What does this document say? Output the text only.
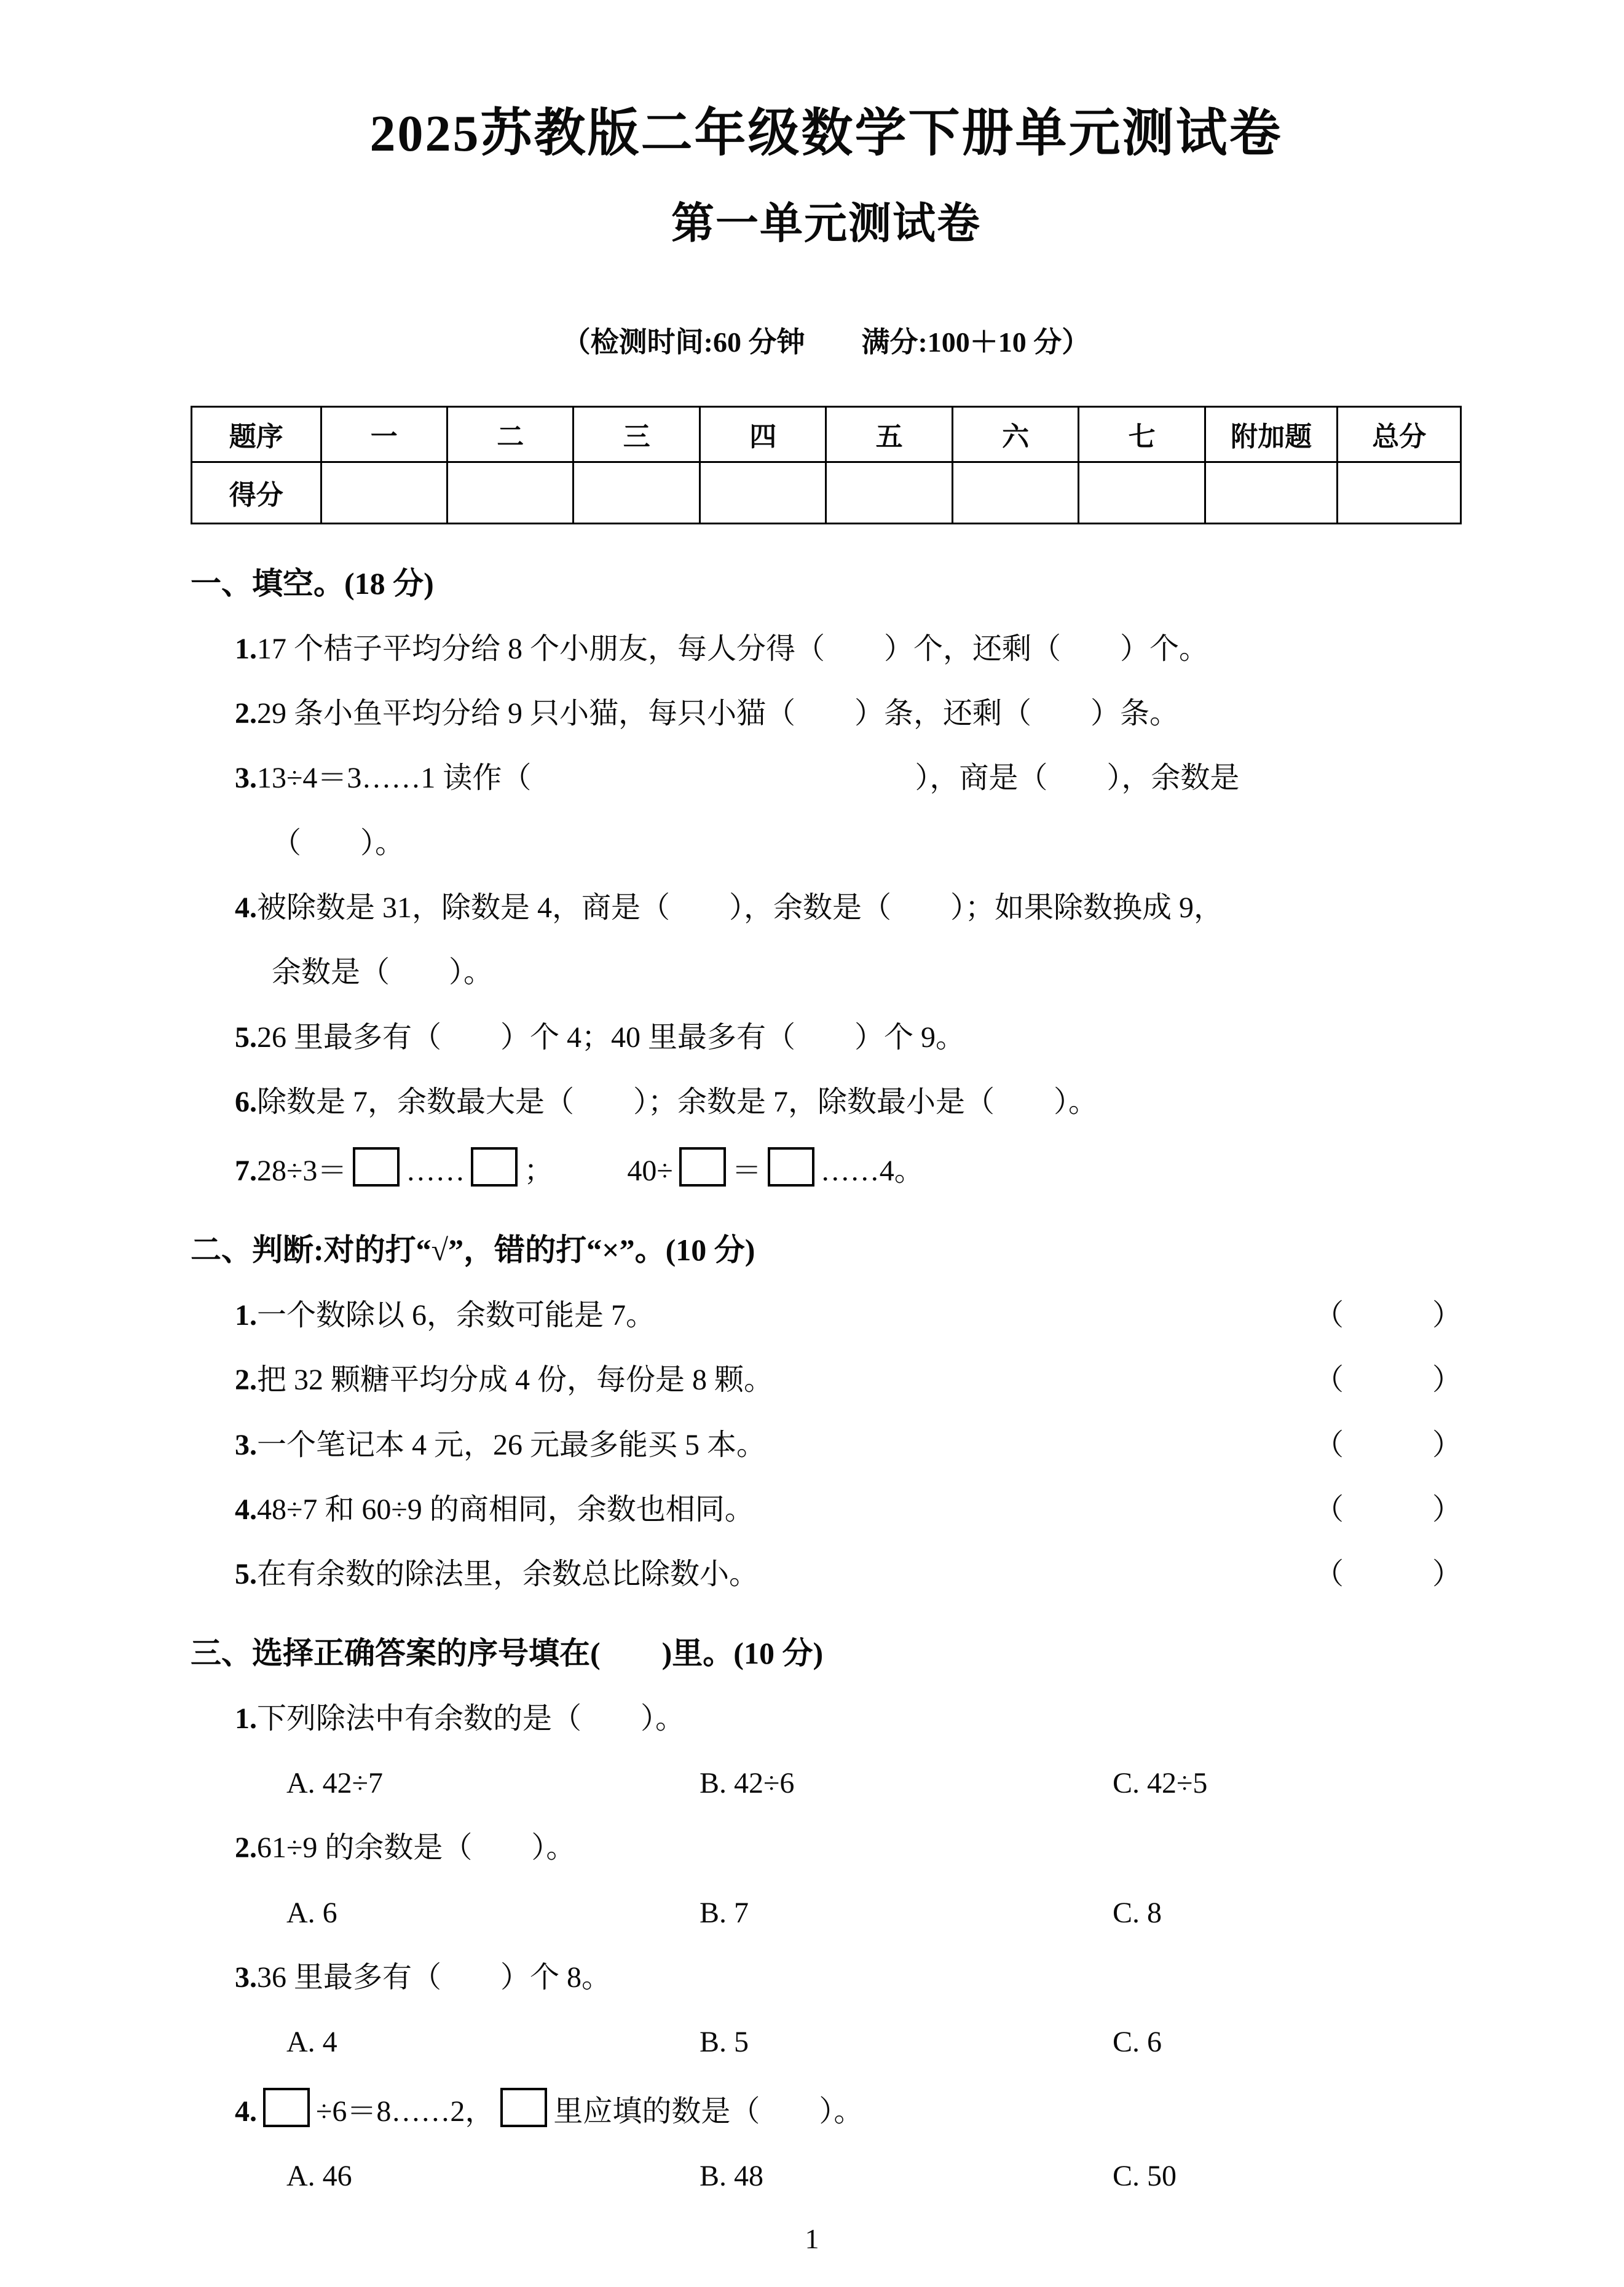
2025苏教版二年级数学下册单元测试卷
第一单元测试卷
（检测时间:60 分钟　　满分:100＋10 分）
题序	一	二	三	四	五	六	七	附加题	总分
得分									
一、填空。(18 分)
1.17 个桔子平均分给 8 个小朋友，每人分得（　　）个，还剩（　　）个。
2.29 条小鱼平均分给 9 只小猫，每只小猫（　　）条，还剩（　　）条。
3.13÷4＝3……1 读作（　　　　　　　　　　　　　），商是（　　），余数是
（　　）。
4.被除数是 31，除数是 4，商是（　　），余数是（　　）；如果除数换成 9，
余数是（　　）。
5.26 里最多有（　　）个 4；40 里最多有（　　）个 9。
6.除数是 7，余数最大是（　　）；余数是 7，除数最小是（　　）。
7.28÷3＝ …… ；　　　40÷ ＝ ……4。
二、判断:对的打“√”，错的打“×”。(10 分)
1.一个数除以 6，余数可能是 7。	（　　　）
2.把 32 颗糖平均分成 4 份，每份是 8 颗。	（　　　）
3.一个笔记本 4 元，26 元最多能买 5 本。	（　　　）
4.48÷7 和 60÷9 的商相同，余数也相同。	（　　　）
5.在有余数的除法里，余数总比除数小。	（　　　）
三、选择正确答案的序号填在(　　)里。(10 分)
1.下列除法中有余数的是（　　）。
A. 42÷7	B. 42÷6	C. 42÷5
2.61÷9 的余数是（　　）。
A. 6	B. 7	C. 8
3.36 里最多有（　　）个 8。
A. 4	B. 5	C. 6
4. ÷6＝8……2， 里应填的数是（　　）。
A. 46	B. 48	C. 50
1
